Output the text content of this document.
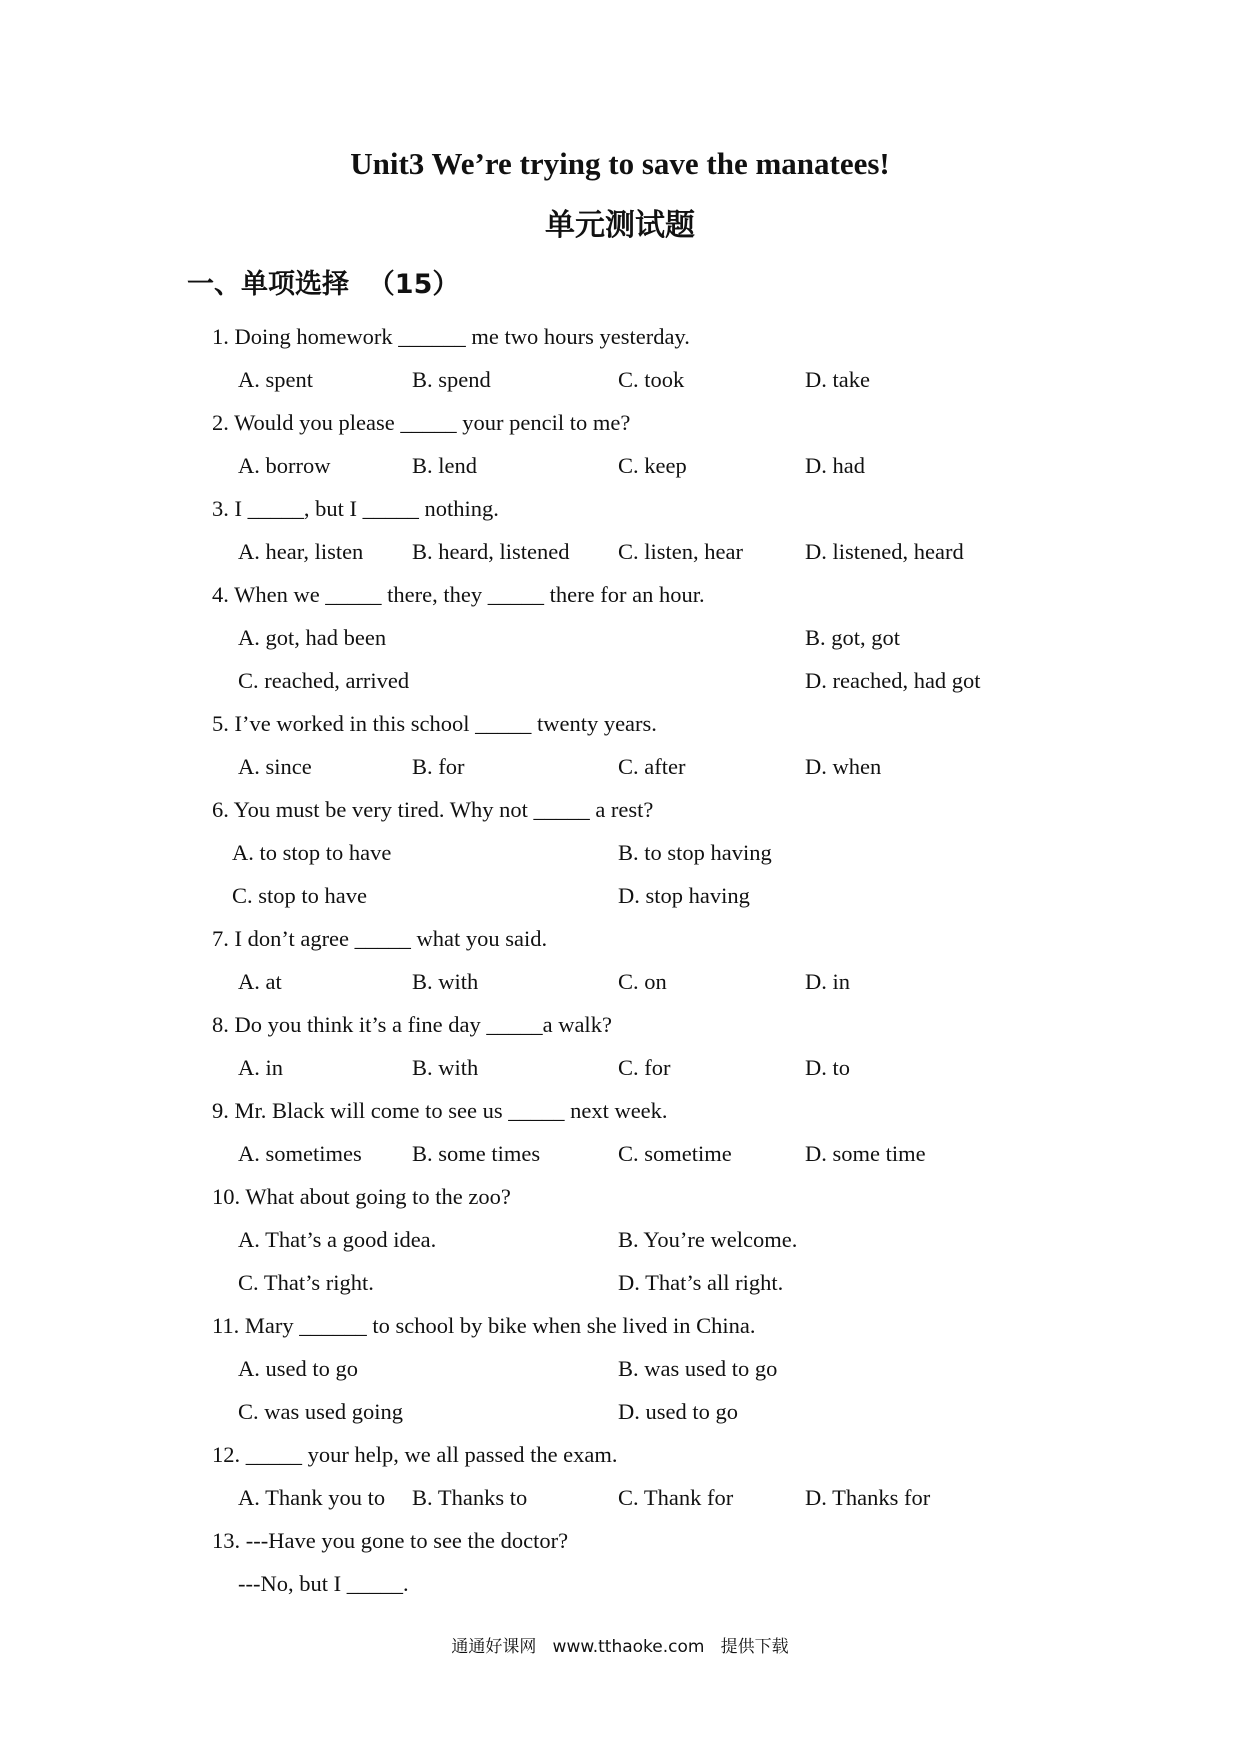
Unit3 We’re trying to save the manatees!
单元测试题
一、单项选择  （15）
1. Doing homework ______ me two hours yesterday.
A. spent	B. spend	C. took	D. take
2. Would you please _____ your pencil to me?
A. borrow	B. lend	C. keep	D. had
3. I _____, but I _____ nothing.
A. hear, listen B. heard, listened C. listen, hear	D. listened, heard
4. When we _____ there, they _____ there for an hour.
A. got, had been	B. got, got
C. reached, arrived	D. reached, had got
5. I’ve worked in this school _____ twenty years.
A. since	B. for	C. after	D. when
6. You must be very tired. Why not _____ a rest?
A. to stop to have	B. to stop having
C. stop to have	D. stop having
7. I don’t agree _____ what you said.
A. at	B. with	C. on	D. in
8. Do you think it’s a fine day _____a walk?
A. in	B. with	C. for	D. to
9. Mr. Black will come to see us _____ next week.
A. sometimes B. some times	C. sometime	D. some time
10. What about going to the zoo?
A. That’s a good idea.	B. You’re welcome.
C. That’s right.	D. That’s all right.
11. Mary ______ to school by bike when she lived in China.
A. used to go	B. was used to go
C. was used going	D. used to go
12. _____ your help, we all passed the exam.
A. Thank you to B. Thanks to	C. Thank for	D. Thanks for
13. ---Have you gone to see the doctor?
---No, but I _____.
通通好课网   www.tthaoke.com   提供下载
